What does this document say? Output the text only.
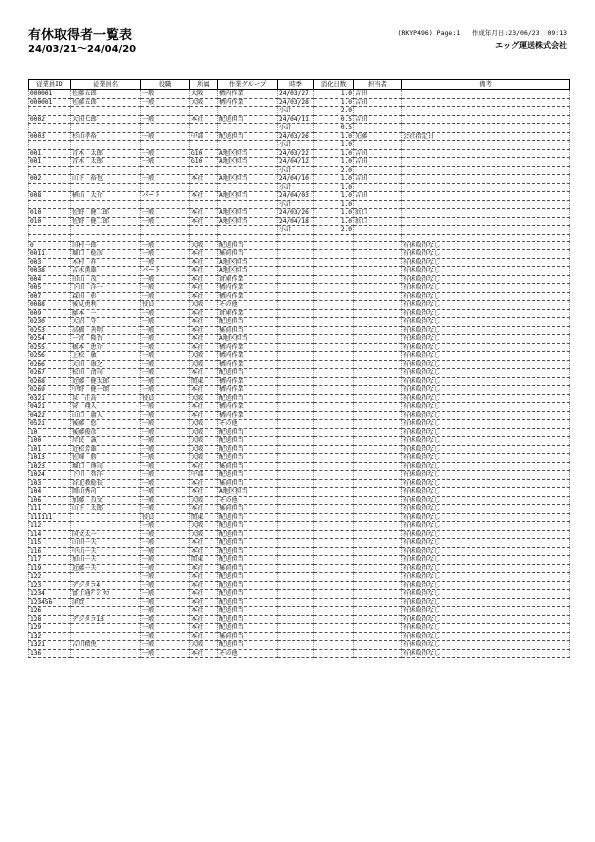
有休取得者一覧表
24/03/21～24/04/20
(RKYP496) Page:1   作成年月日:23/06/23  09:13
エッグ運送株式会社
従業員ID	従業員名	役職	所属	作業グループ	時季	消化日数	担当者	備考
000001	佐藤五郎	一般	大阪	構内作業	24/03/27	1.0	吉田	
000001	佐藤五郎	一般	大阪	構内作業	24/03/28	1.0	吉田	
					小計	2.0		
0002	大田七郎	一般	本社	配送担当	24/04/11	0.5	吉田	
					小計	0.5		
0003	杉山孝裕	一般	中部	配送担当	24/03/26	1.0	先藤	会社指定日
					小計	1.0		
001	青木　太郎	一般	G10	A地区担当	24/03/22	1.0	吉田	
001	青木　太郎	一般	G10	A地区担当	24/04/12	1.0	吉田	
					小計	2.0		
002	山下　裕也	一般	本社	A地区担当	24/04/10	1.0	吉田	
					小計	1.0		
008	横山　大介	パート	本社	A地区担当	24/04/03	1.0	吉田	
					小計	1.0		
010	佐野　健二郎	一般	本社	A地区担当	24/03/26	1.0	浜口	
010	佐野　健二郎	一般	本社	A地区担当	24/04/18	1.0	浜口	
					小計	2.0		

0	田村一郎	一般	大阪	配送担当				有休取得なし
0011	堀口　稔彦	一般	本社	集荷担当				有休取得なし
003	木村　祥	一般	本社	A地区担当				有休取得なし
0038	吉永薫雄	パート	本社	A地区担当				有休取得なし
004	田山　茂	一般	本社	倉庫作業				有休取得なし
005	下田　洋一	一般	本社	構内作業				有休取得なし
007	森田　彰	一般	本社	構内作業				有休取得なし
0088	後見勇利	役員	大阪	その他				有休取得なし
009	藤本　一	一般	本社	倉庫作業				有休取得なし
0230	大沼　守	一般	本社	配送担当				有休取得なし
0253	高橋　善明	一般	本社	集荷担当				有休取得なし
0254	一宮　隆吾	一般	本社	A地区担当				有休取得なし
0255	橋本　恵介	一般	本社	構内作業				有休取得なし
0256	上松　敏	一般	大阪	構内作業				有休取得なし
0266	大田　康之	一般	大阪	構内作業				有休取得なし
0267	松田　清司	一般	本社	配送担当				有休取得なし
0268	近藤　健太郎	一般	関東	構内作業				有休取得なし
0269	中野　健一朗	一般	本社	構内作業				有休取得なし
0321	泉　正高	役員	大阪	配送担当				有休取得なし
0421	菅　翔人	一般	本社	構内作業				有休取得なし
0422	山口　庸人	一般	本社	構内作業				有休取得なし
0521	後藤　悠	一般	大阪	その他				有休取得なし
10	後藤俊彦	一般	大阪	配送担当				有休取得なし
100	岸民　誠	一般	大阪	配送担当				有休取得なし
101	近松芳雄	一般	大阪	配送担当				有休取得なし
1013	佐輝　勝	一般	大阪	配送担当				有休取得なし
1023	堀口　博司	一般	本社	集荷担当				有休取得なし
1024	下川　智洋	一般	中部	配送担当				有休取得なし
103	谷北教稔長	一般	本社	集荷担当				有休取得なし
104	岡山秀司	一般	本社	A地区担当				有休取得なし
106	加藤　良文	一般	大阪	その他				有休取得なし
111	山下　太郎	一般	本社	集荷担当				有休取得なし
111111		役員	関東	配送担当				有休取得なし
112		一般	大阪	配送担当				有休取得なし
114	国文太一	一般	大阪	配送担当				有休取得なし
115	山田一夫	一般	本社	配送担当				有休取得なし
116	中山一夫	一般	本社	配送担当				有休取得なし
117	加山一夫	一般	関東	配送担当				有休取得なし
119	近藤一夫	一般	本社	集荷担当				有休取得なし
122		一般	本社	配送担当				有休取得なし
123	デジタコ4	一般	本社	配送担当				有休取得なし
1234	富士通ﾃﾞｼﾞﾀｺ	一般	本社	配送担当				有休取得なし
123456	津賀	一般	本社	配送担当				有休取得なし
126		一般	本社	配送担当				有休取得なし
128	デジタコ13	一般	本社	配送担当				有休取得なし
129		一般	本社	配送担当				有休取得なし
132		一般	本社	集荷担当				有休取得なし
1321	吉川精悦	一般	大阪	配送担当				有休取得なし
136		一般	本社	その他				有休取得なし
